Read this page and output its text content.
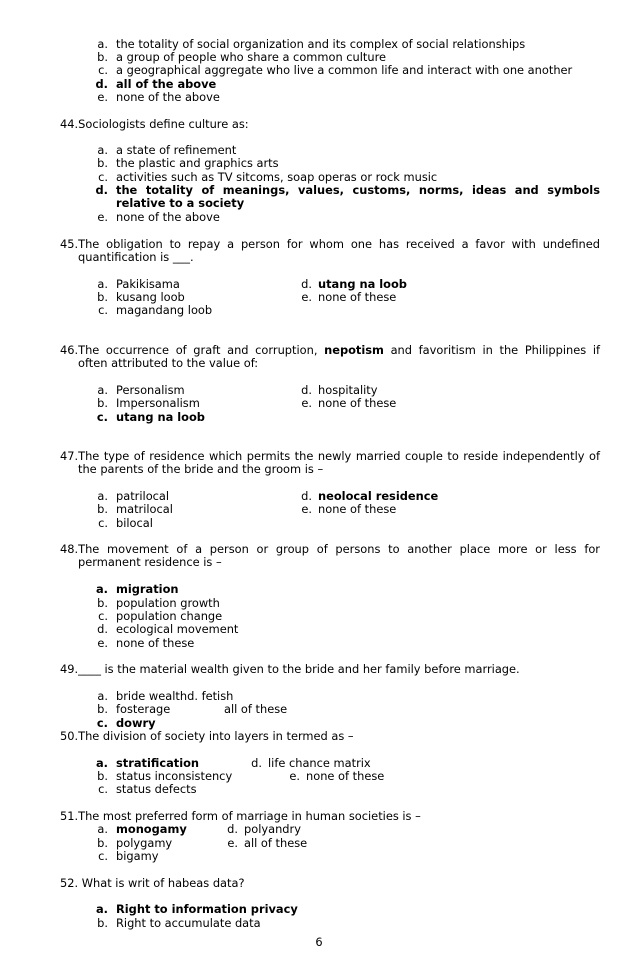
a. the totality of social organization and its complex of social relationships
b. a group of people who share a common culture
c. a geographical aggregate who live a common life and interact with one another
d. all of the above
e. none of the above
44.Sociologists define culture as:
a. a state of refinement
b. the plastic and graphics arts
c. activities such as TV sitcoms, soap operas or rock music
d. the totality of meanings, values, customs, norms, ideas and symbols
relative to a society
e. none of the above
45.The obligation to repay a person for whom one has received a favor with undefined
quantification is ___.
a. Pakikisama
b. kusang loob
c. magandang loob
d. utang na loob
e. none of these
46.The occurrence of graft and corruption, nepotism and favoritism in the Philippines if
often attributed to the value of:
a. Personalism
b. Impersonalism
c. utang na loob
d. hospitality
e. none of these
47.The type of residence which permits the newly married couple to reside independently of
the parents of the bride and the groom is –
a. patrilocal
b. matrilocal
c. bilocal
d. neolocal residence
e. none of these
48.The movement of a person or group of persons to another place more or less for
permanent residence is –
a. migration
b. population growth
c. population change
d. ecological movement
e. none of these
49.____ is the material wealth given to the bride and her family before marriage.
a. bride wealthd. fetish
b. fosterage	all of these
c. dowry
50.The division of society into layers in termed as –
a. stratification
b. status inconsistency
c. status defects
d. life chance matrix
e. none of these
51.The most preferred form of marriage in human societies is –
a. monogamy
b. polygamy
c. bigamy
d. polyandry
e. all of these
52. What is writ of habeas data?
a. Right to information privacy
b. Right to accumulate data
6
